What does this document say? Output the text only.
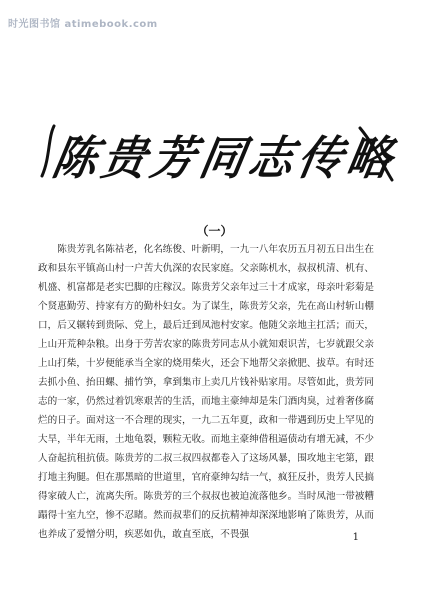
时光图书馆 atimebook.com
陈贵芳同志传略
（一）

陈贵芳乳名陈祜老，化名练俊、叶新明，一九一八年农历五月初五日出生在政和县东平镇高山村一户苦大仇深的农民家庭。父亲陈机水，叔叔机清、机有、机盛、机富都是老实巴脚的庄稼汉。陈贵芳父亲年过三十才成家，母亲叶彩菊是个贤惠勤劳、持家有方的勤朴妇女。为了谋生，陈贵芳父亲，先在高山村斩山棚口，后又辗转到贵际、党上，最后迁到凤池村安家。他随父亲地主扛活；而天，上山开荒种杂粮。出身于劳苦农家的陈贵芳同志从小就知艰识苦，七岁就跟父亲上山打柴，十岁便能承当全家的烧用柴火，还会下地帮父亲掀肥、拔草。有时还去抓小鱼、抬田螺、捕竹笋，拿到集市上卖几片钱补贴家用。尽管如此，贵芳同志的一家，仍然过着饥寒艰苦的生活，而地主豪绅却是朱门酒肉臭，过着奢侈腐烂的日子。面对这一不合理的现实，一九二五年夏，政和一带遇到历史上罕见的大旱，半年无雨，土地龟裂，颗粒无收。而地主豪绅借租逼债动有增无减，不少人奋起抗租抗债。陈贵芳的二叔三叔四叔都卷入了这场风暴，围攻地主宅第，跟打地主狗腿。但在那黑暗的世道里，官府豪绅勾结一气，疯狂反扑，贵芳人民搞得家破人亡，流离失所。陈贵芳的三个叔叔也被迫流落他乡。当时凤池一带被糟蹋得十室九空，惨不忍睹。然而叔辈们的反抗精神却深深地影响了陈贵芳，从而也养成了爱憎分明，疾恶如仇，敢直至底，不畏强	1
